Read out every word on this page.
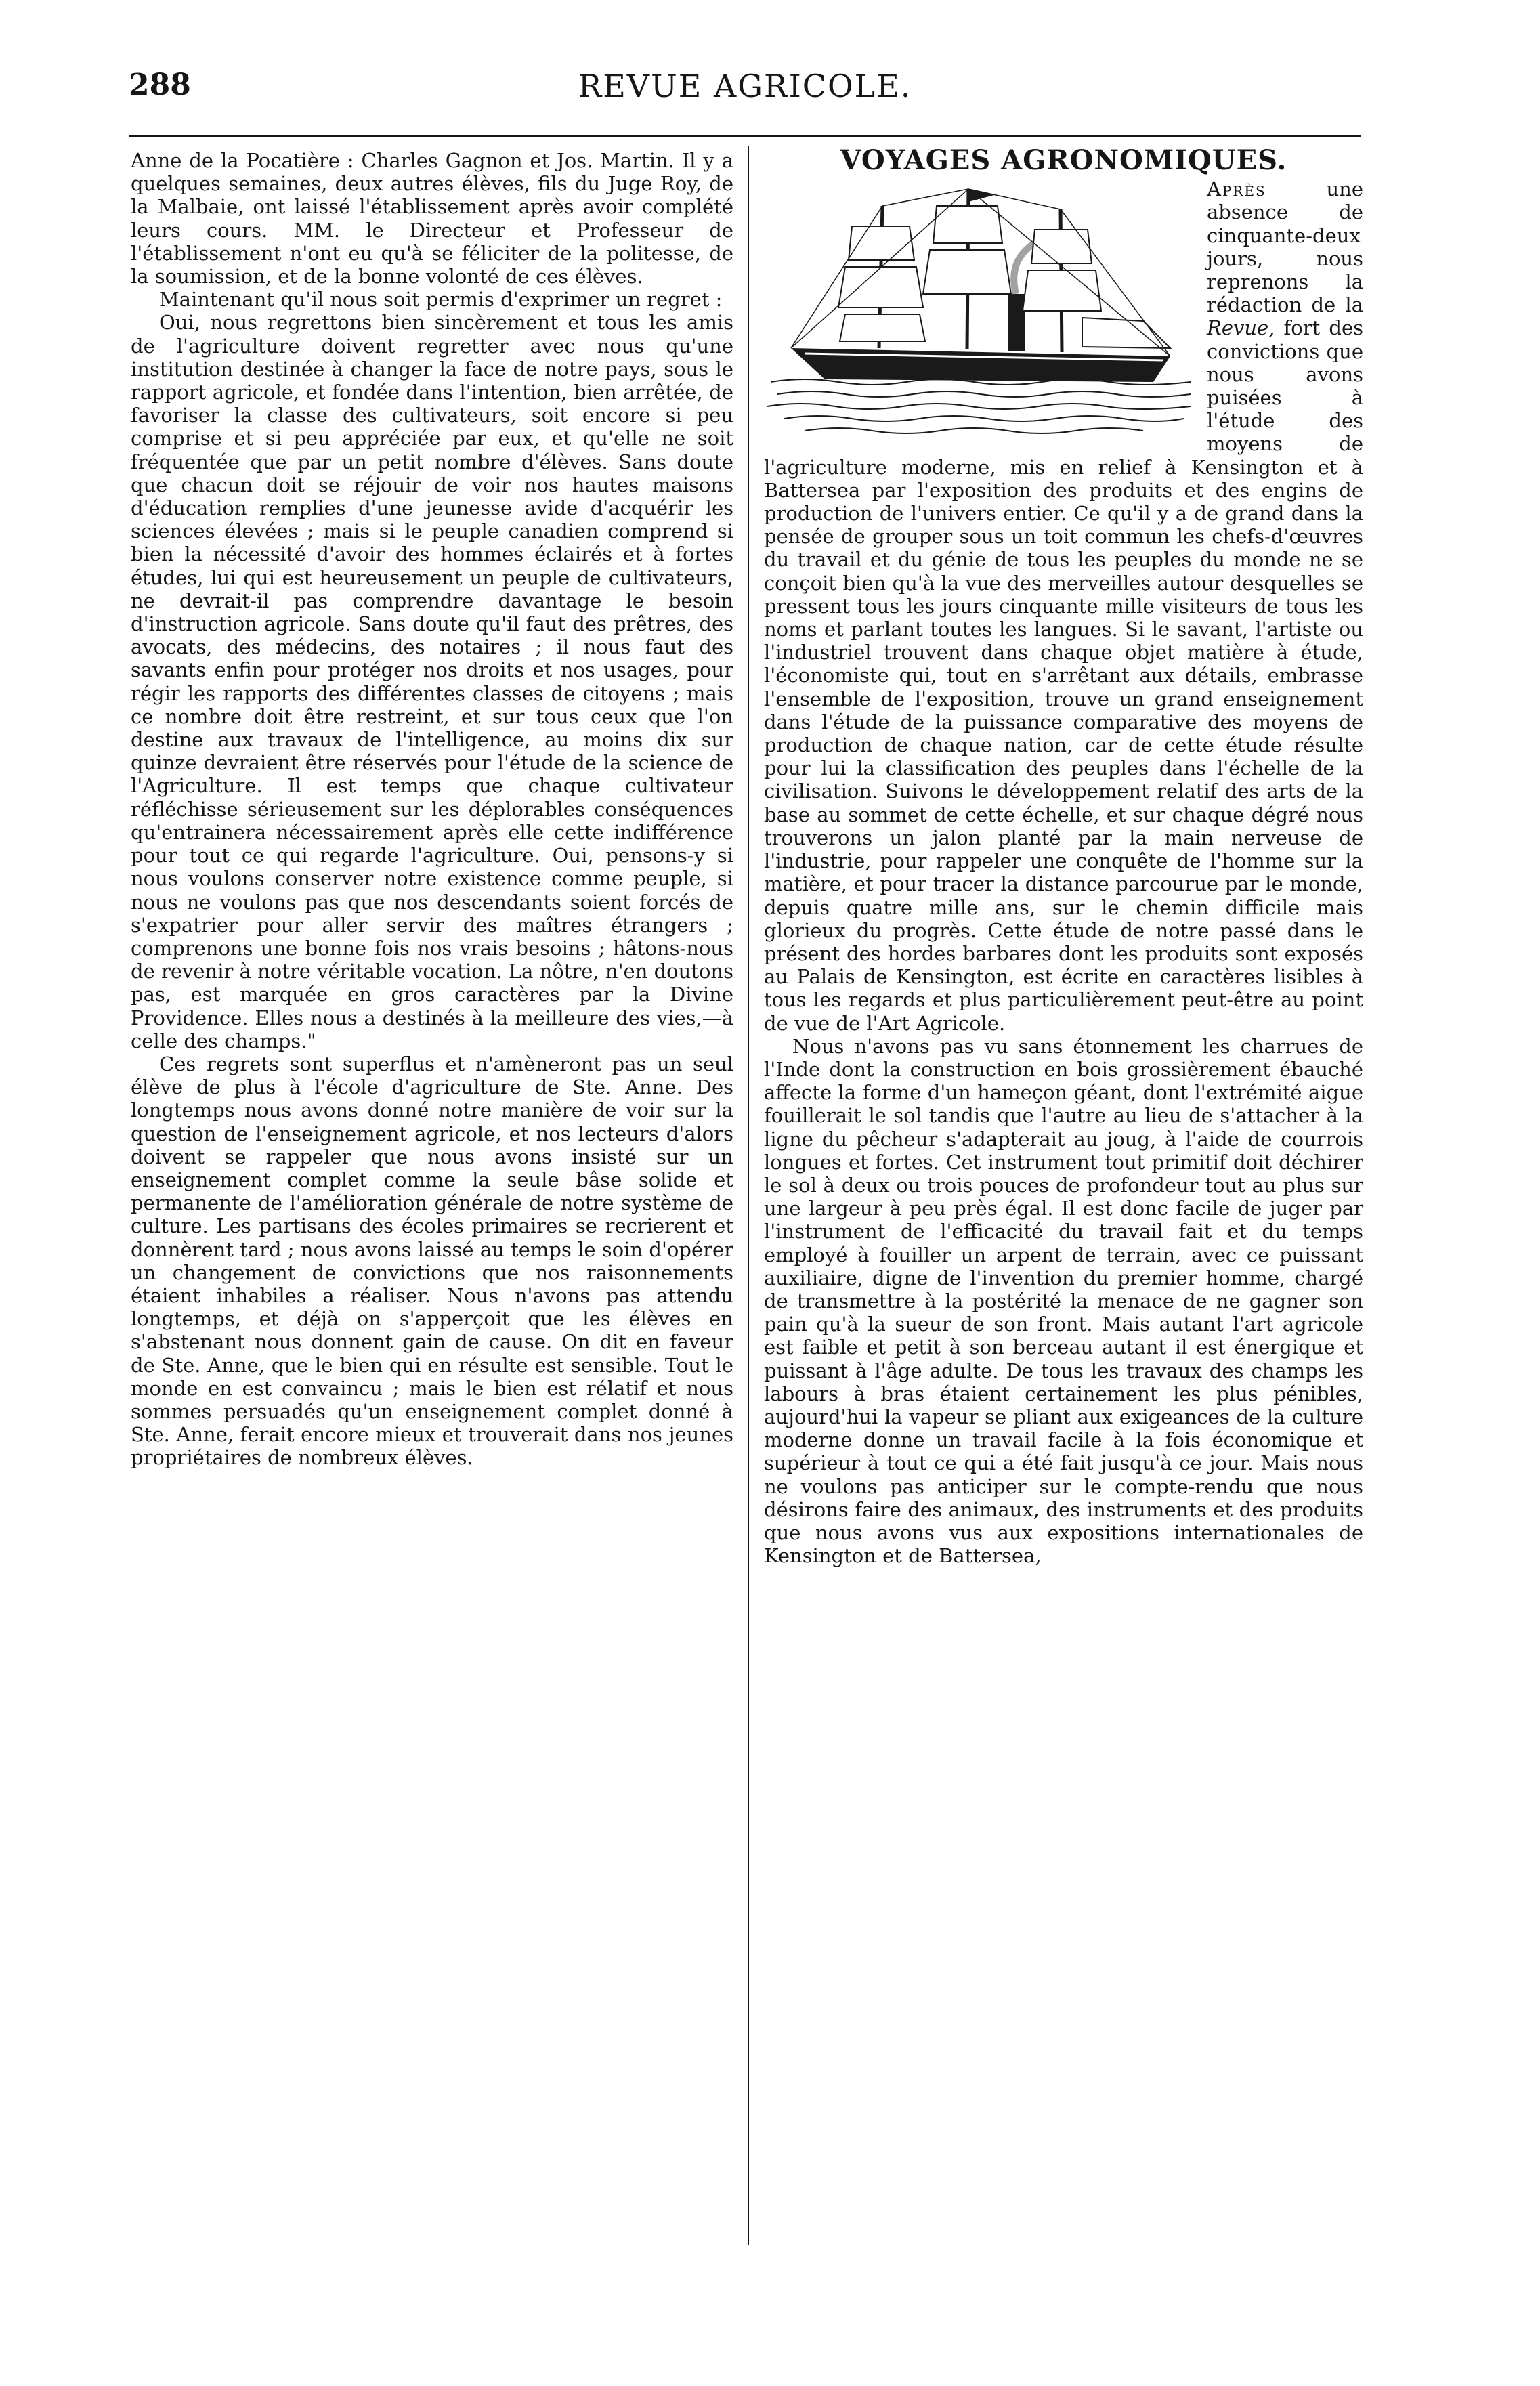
288	REVUE AGRICOLE.

Anne de la Pocatière : Charles Gagnon et Jos. Martin. Il y a quelques semaines, deux autres élèves, fils du Juge Roy, de la Malbaie, ont laissé l'établissement après avoir complété leurs cours. MM. le Directeur et Professeur de l'établissement n'ont eu qu'à se féliciter de la politesse, de la soumission, et de la bonne volonté de ces élèves.

Maintenant qu'il nous soit permis d'exprimer un regret :

Oui, nous regrettons bien sincèrement et tous les amis de l'agriculture doivent regretter avec nous qu'une institution destinée à changer la face de notre pays, sous le rapport agricole, et fondée dans l'intention, bien arrêtée, de favoriser la classe des cultivateurs, soit encore si peu comprise et si peu appréciée par eux, et qu'elle ne soit fréquentée que par un petit nombre d'élèves. Sans doute que chacun doit se réjouir de voir nos hautes maisons d'éducation remplies d'une jeunesse avide d'acquérir les sciences élevées ; mais si le peuple canadien comprend si bien la nécessité d'avoir des hommes éclairés et à fortes études, lui qui est heureusement un peuple de cultivateurs, ne devrait-il pas comprendre davantage le besoin d'instruction agricole. Sans doute qu'il faut des prêtres, des avocats, des médecins, des notaires ; il nous faut des savants enfin pour protéger nos droits et nos usages, pour régir les rapports des différentes classes de citoyens ; mais ce nombre doit être restreint, et sur tous ceux que l'on destine aux travaux de l'intelligence, au moins dix sur quinze devraient être réservés pour l'étude de la science de l'Agriculture. Il est temps que chaque cultivateur réfléchisse sérieusement sur les déplorables conséquences qu'entrainera nécessairement après elle cette indifférence pour tout ce qui regarde l'agriculture. Oui, pensons-y si nous voulons conserver notre existence comme peuple, si nous ne voulons pas que nos descendants soient forcés de s'expatrier pour aller servir des maîtres étrangers ; comprenons une bonne fois nos vrais besoins ; hâtons-nous de revenir à notre véritable vocation. La nôtre, n'en doutons pas, est marquée en gros caractères par la Divine Providence. Elles nous a destinés à la meilleure des vies,—à celle des champs."

Ces regrets sont superflus et n'amèneront pas un seul élève de plus à l'école d'agriculture de Ste. Anne. Des longtemps nous avons donné notre manière de voir sur la question de l'enseignement agricole, et nos lecteurs d'alors doivent se rappeler que nous avons insisté sur un enseignement complet comme la seule bâse solide et permanente de l'amélioration générale de notre système de culture. Les partisans des écoles primaires se recrierent et donnèrent tard ; nous avons laissé au temps le soin d'opérer un changement de convictions que nos raisonnements étaient inhabiles a réaliser. Nous n'avons pas attendu longtemps, et déjà on s'apperçoit que les élèves en s'abstenant nous donnent gain de cause. On dit en faveur de Ste. Anne, que le bien qui en résulte est sensible. Tout le monde en est convaincu ; mais le bien est rélatif et nous sommes persuadés qu'un enseignement complet donné à Ste. Anne, ferait encore mieux et trouverait dans nos jeunes propriétaires de nombreux élèves.

VOYAGES AGRONOMIQUES.

Après une absence de cinquante-deux jours, nous reprenons la rédaction de la Revue, fort des convictions que nous avons puisées à l'étude des moyens de l'agriculture moderne, mis en relief à Kensington et à Battersea par l'exposition des produits et des engins de production de l'univers entier. Ce qu'il y a de grand dans la pensée de grouper sous un toit commun les chefs-d'œuvres du travail et du génie de tous les peuples du monde ne se conçoit bien qu'à la vue des merveilles autour desquelles se pressent tous les jours cinquante mille visiteurs de tous les noms et parlant toutes les langues. Si le savant, l'artiste ou l'industriel trouvent dans chaque objet matière à étude, l'économiste qui, tout en s'arrêtant aux détails, embrasse l'ensemble de l'exposition, trouve un grand enseignement dans l'étude de la puissance comparative des moyens de production de chaque nation, car de cette étude résulte pour lui la classification des peuples dans l'échelle de la civilisation. Suivons le développement relatif des arts de la base au sommet de cette échelle, et sur chaque dégré nous trouverons un jalon planté par la main nerveuse de l'industrie, pour rappeler une conquête de l'homme sur la matière, et pour tracer la distance parcourue par le monde, depuis quatre mille ans, sur le chemin difficile mais glorieux du progrès. Cette étude de notre passé dans le présent des hordes barbares dont les produits sont exposés au Palais de Kensington, est écrite en caractères lisibles à tous les regards et plus particulièrement peut-être au point de vue de l'Art Agricole.

Nous n'avons pas vu sans étonnement les charrues de l'Inde dont la construction en bois grossièrement ébauché affecte la forme d'un hameçon géant, dont l'extrémité aigue fouillerait le sol tandis que l'autre au lieu de s'attacher à la ligne du pêcheur s'adapterait au joug, à l'aide de courrois longues et fortes. Cet instrument tout primitif doit déchirer le sol à deux ou trois pouces de profondeur tout au plus sur une largeur à peu près égal. Il est donc facile de juger par l'instrument de l'efficacité du travail fait et du temps employé à fouiller un arpent de terrain, avec ce puissant auxiliaire, digne de l'invention du premier homme, chargé de transmettre à la postérité la menace de ne gagner son pain qu'à la sueur de son front. Mais autant l'art agricole est faible et petit à son berceau autant il est énergique et puissant à l'âge adulte. De tous les travaux des champs les labours à bras étaient certainement les plus pénibles, aujourd'hui la vapeur se pliant aux exigeances de la culture moderne donne un travail facile à la fois économique et supérieur à tout ce qui a été fait jusqu'à ce jour. Mais nous ne voulons pas anticiper sur le compte-rendu que nous désirons faire des animaux, des instruments et des produits que nous avons vus aux expositions internationales de Kensington et de Battersea,
